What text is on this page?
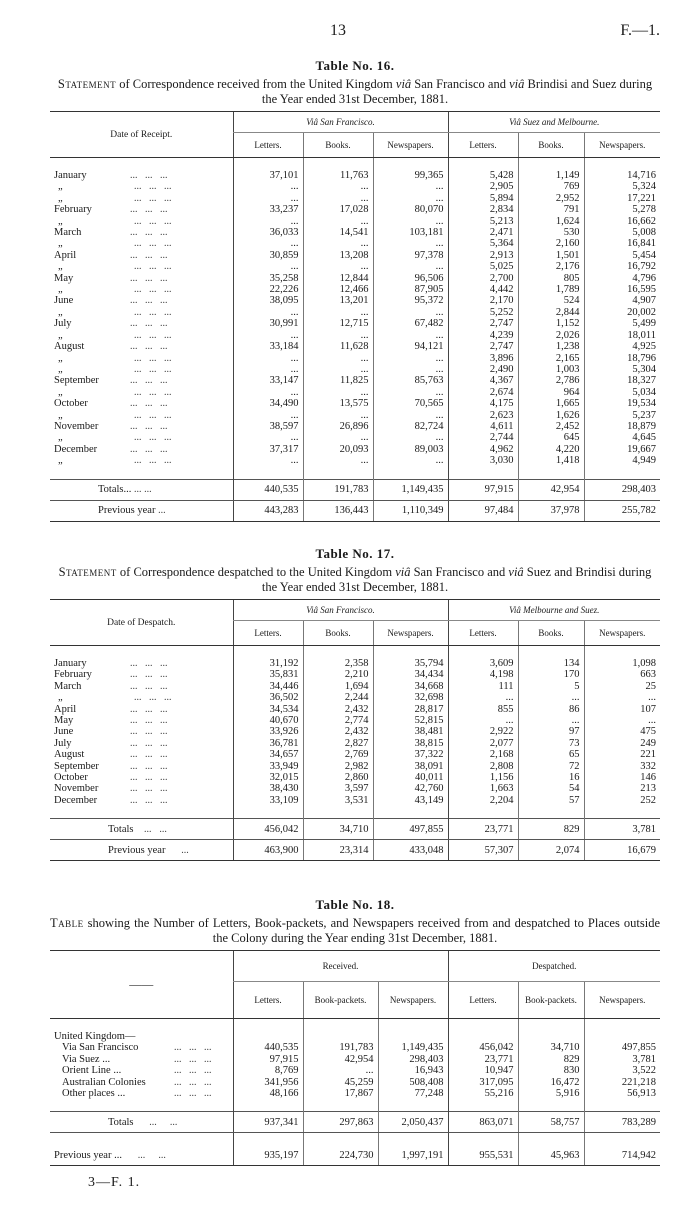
13	F.—1.
Table No. 16.
Statement of Correspondence received from the United Kingdom viâ San Francisco and viâ Brindisi and Suez during the Year ended 31st December, 1881.
Date of Receipt.	Viâ San Francisco.			Viâ Suez and Melbourne.		
	Letters.	Books.	Newspapers.	Letters.	Books.	Newspapers.

January ...   ...   ...	37,101	11,763	99,365	5,428	1,149	14,716
„ ...   ...   ...	...	...	...	2,905	769	5,324
„ ...   ...   ...	...	...	...	5,894	2,952	17,221
February ...   ...   ...	33,237	17,028	80,070	2,834	791	5,278
„ ...   ...   ...	...	...	...	5,213	1,624	16,662
March ...   ...   ...	36,033	14,541	103,181	2,471	530	5,008
„ ...   ...   ...	...	...	...	5,364	2,160	16,841
April ...   ...   ...	30,859	13,208	97,378	2,913	1,501	5,454
„ ...   ...   ...	...	...	...	5,025	2,176	16,792
May ...   ...   ...	35,258	12,844	96,506	2,700	805	4,796
„ ...   ...   ...	22,226	12,466	87,905	4,442	1,789	16,595
June ...   ...   ...	38,095	13,201	95,372	2,170	524	4,907
„ ...   ...   ...	...	...	...	5,252	2,844	20,002
July ...   ...   ...	30,991	12,715	67,482	2,747	1,152	5,499
„ ...   ...   ...	...	...	...	4,239	2,026	18,011
August ...   ...   ...	33,184	11,628	94,121	2,747	1,238	4,925
„ ...   ...   ...	...	...	...	3,896	2,165	18,796
„ ...   ...   ...	...	...	...	2,490	1,003	5,304
September ...   ...   ...	33,147	11,825	85,763	4,367	2,786	18,327
„ ...   ...   ...	...	...	...	2,674	964	5,034
October ...   ...   ...	34,490	13,575	70,565	4,175	1,665	19,534
„ ...   ...   ...	...	...	...	2,623	1,626	5,237
November ...   ...   ...	38,597	26,896	82,724	4,611	2,452	18,879
„ ...   ...   ...	...	...	...	2,744	645	4,645
December ...   ...   ...	37,317	20,093	89,003	4,962	4,220	19,667
„ ...   ...   ...	...	...	...	3,030	1,418	4,949

Totals... ... ...	440,535	191,783	1,149,435	97,915	42,954	298,403
Previous year ...	443,283	136,443	1,110,349	97,484	37,978	255,782
Table No. 17.
Statement of Correspondence despatched to the United Kingdom viâ San Francisco and viâ Suez and Brindisi during the Year ended 31st December, 1881.
Date of Despatch.	Viâ San Francisco.			Viâ Melbourne and Suez.		
	Letters.	Books.	Newspapers.	Letters.	Books.	Newspapers.

January ...   ...   ...	31,192	2,358	35,794	3,609	134	1,098
February ...   ...   ...	35,831	2,210	34,434	4,198	170	663
March ...   ...   ...	34,446	1,694	34,668	111	5	25
„ ...   ...   ...	36,502	2,244	32,698	...	...	...
April ...   ...   ...	34,534	2,432	28,817	855	86	107
May ...   ...   ...	40,670	2,774	52,815	...	...	...
June ...   ...   ...	33,926	2,432	38,481	2,922	97	475
July ...   ...   ...	36,781	2,827	38,815	2,077	73	249
August ...   ...   ...	34,657	2,769	37,322	2,168	65	221
September ...   ...   ...	33,949	2,982	38,091	2,808	72	332
October ...   ...   ...	32,015	2,860	40,011	1,156	16	146
November ...   ...   ...	38,430	3,597	42,760	1,663	54	213
December ...   ...   ...	33,109	3,531	43,149	2,204	57	252

Totals ... ...	456,042	34,710	497,855	23,771	829	3,781
Previous year ...	463,900	23,314	433,048	57,307	2,074	16,679
Table No. 18.
Table showing the Number of Letters, Book-packets, and Newspapers received from and despatched to Places outside the Colony during the Year ending 31st December, 1881.
——	Received.			Despatched.		
	Letters.	Book-packets.	Newspapers.	Letters.	Book-packets.	Newspapers.

United Kingdom—						
Via San Francisco ...   ...   ...	440,535	191,783	1,149,435	456,042	34,710	497,855
Via Suez ... ...   ...   ...	97,915	42,954	298,403	23,771	829	3,781
Orient Line ... ...   ...   ...	8,769	...	16,943	10,947	830	3,522
Australian Colonies ...   ...   ...	341,956	45,259	508,408	317,095	16,472	221,218
Other places ... ...   ...   ...	48,166	17,867	77,248	55,216	5,916	56,913

Totals ... ...	937,341	297,863	2,050,437	863,071	58,757	783,289

Previous year ... ... ...	935,197	224,730	1,997,191	955,531	45,963	714,942
3—F. 1.
